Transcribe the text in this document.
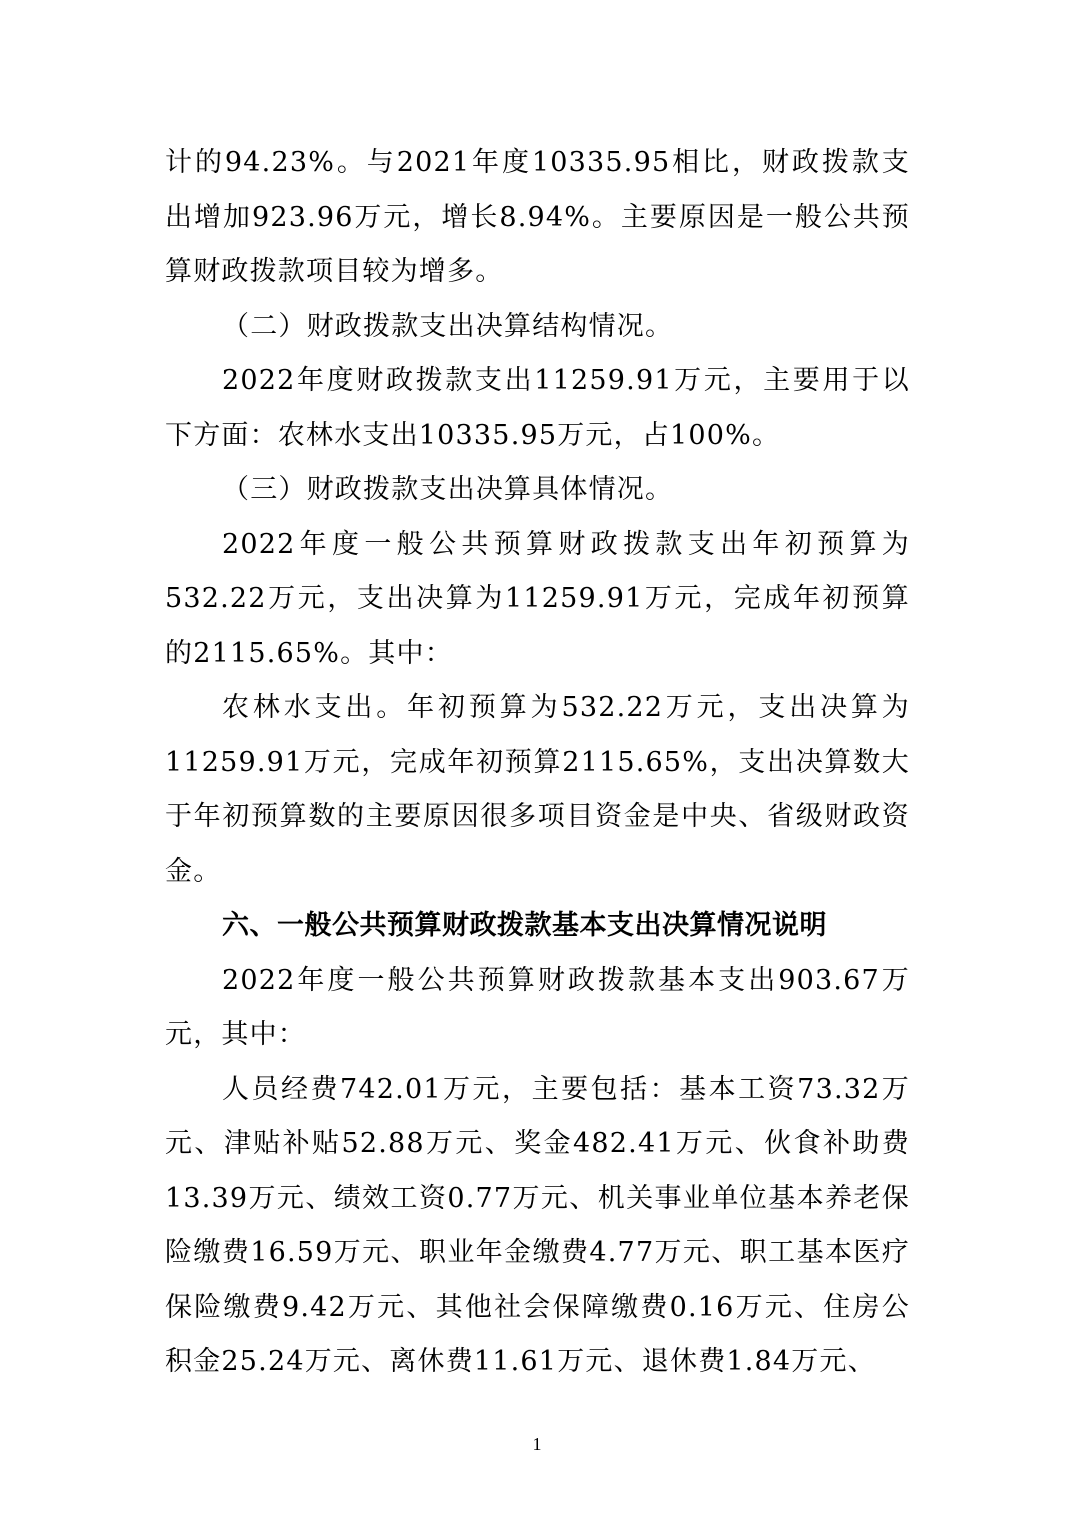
计的94.23%。与2021年度10335.95相比，财政拨款支出增加923.96万元，增长8.94%。主要原因是一般公共预算财政拨款项目较为增多。

（二）财政拨款支出决算结构情况。

2022年度财政拨款支出11259.91万元，主要用于以下方面：农林水支出10335.95万元，占100%。

（三）财政拨款支出决算具体情况。

2022年度一般公共预算财政拨款支出年初预算为532.22万元，支出决算为11259.91万元，完成年初预算的2115.65%。其中：

农林水支出。年初预算为532.22万元，支出决算为11259.91万元，完成年初预算2115.65%，支出决算数大于年初预算数的主要原因很多项目资金是中央、省级财政资金。

六、一般公共预算财政拨款基本支出决算情况说明

2022年度一般公共预算财政拨款基本支出903.67万元，其中：

人员经费742.01万元，主要包括：基本工资73.32万元、津贴补贴52.88万元、奖金482.41万元、伙食补助费13.39万元、绩效工资0.77万元、机关事业单位基本养老保险缴费16.59万元、职业年金缴费4.77万元、职工基本医疗保险缴费9.42万元、其他社会保障缴费0.16万元、住房公积金25.24万元、离休费11.61万元、退休费1.84万元、

1
